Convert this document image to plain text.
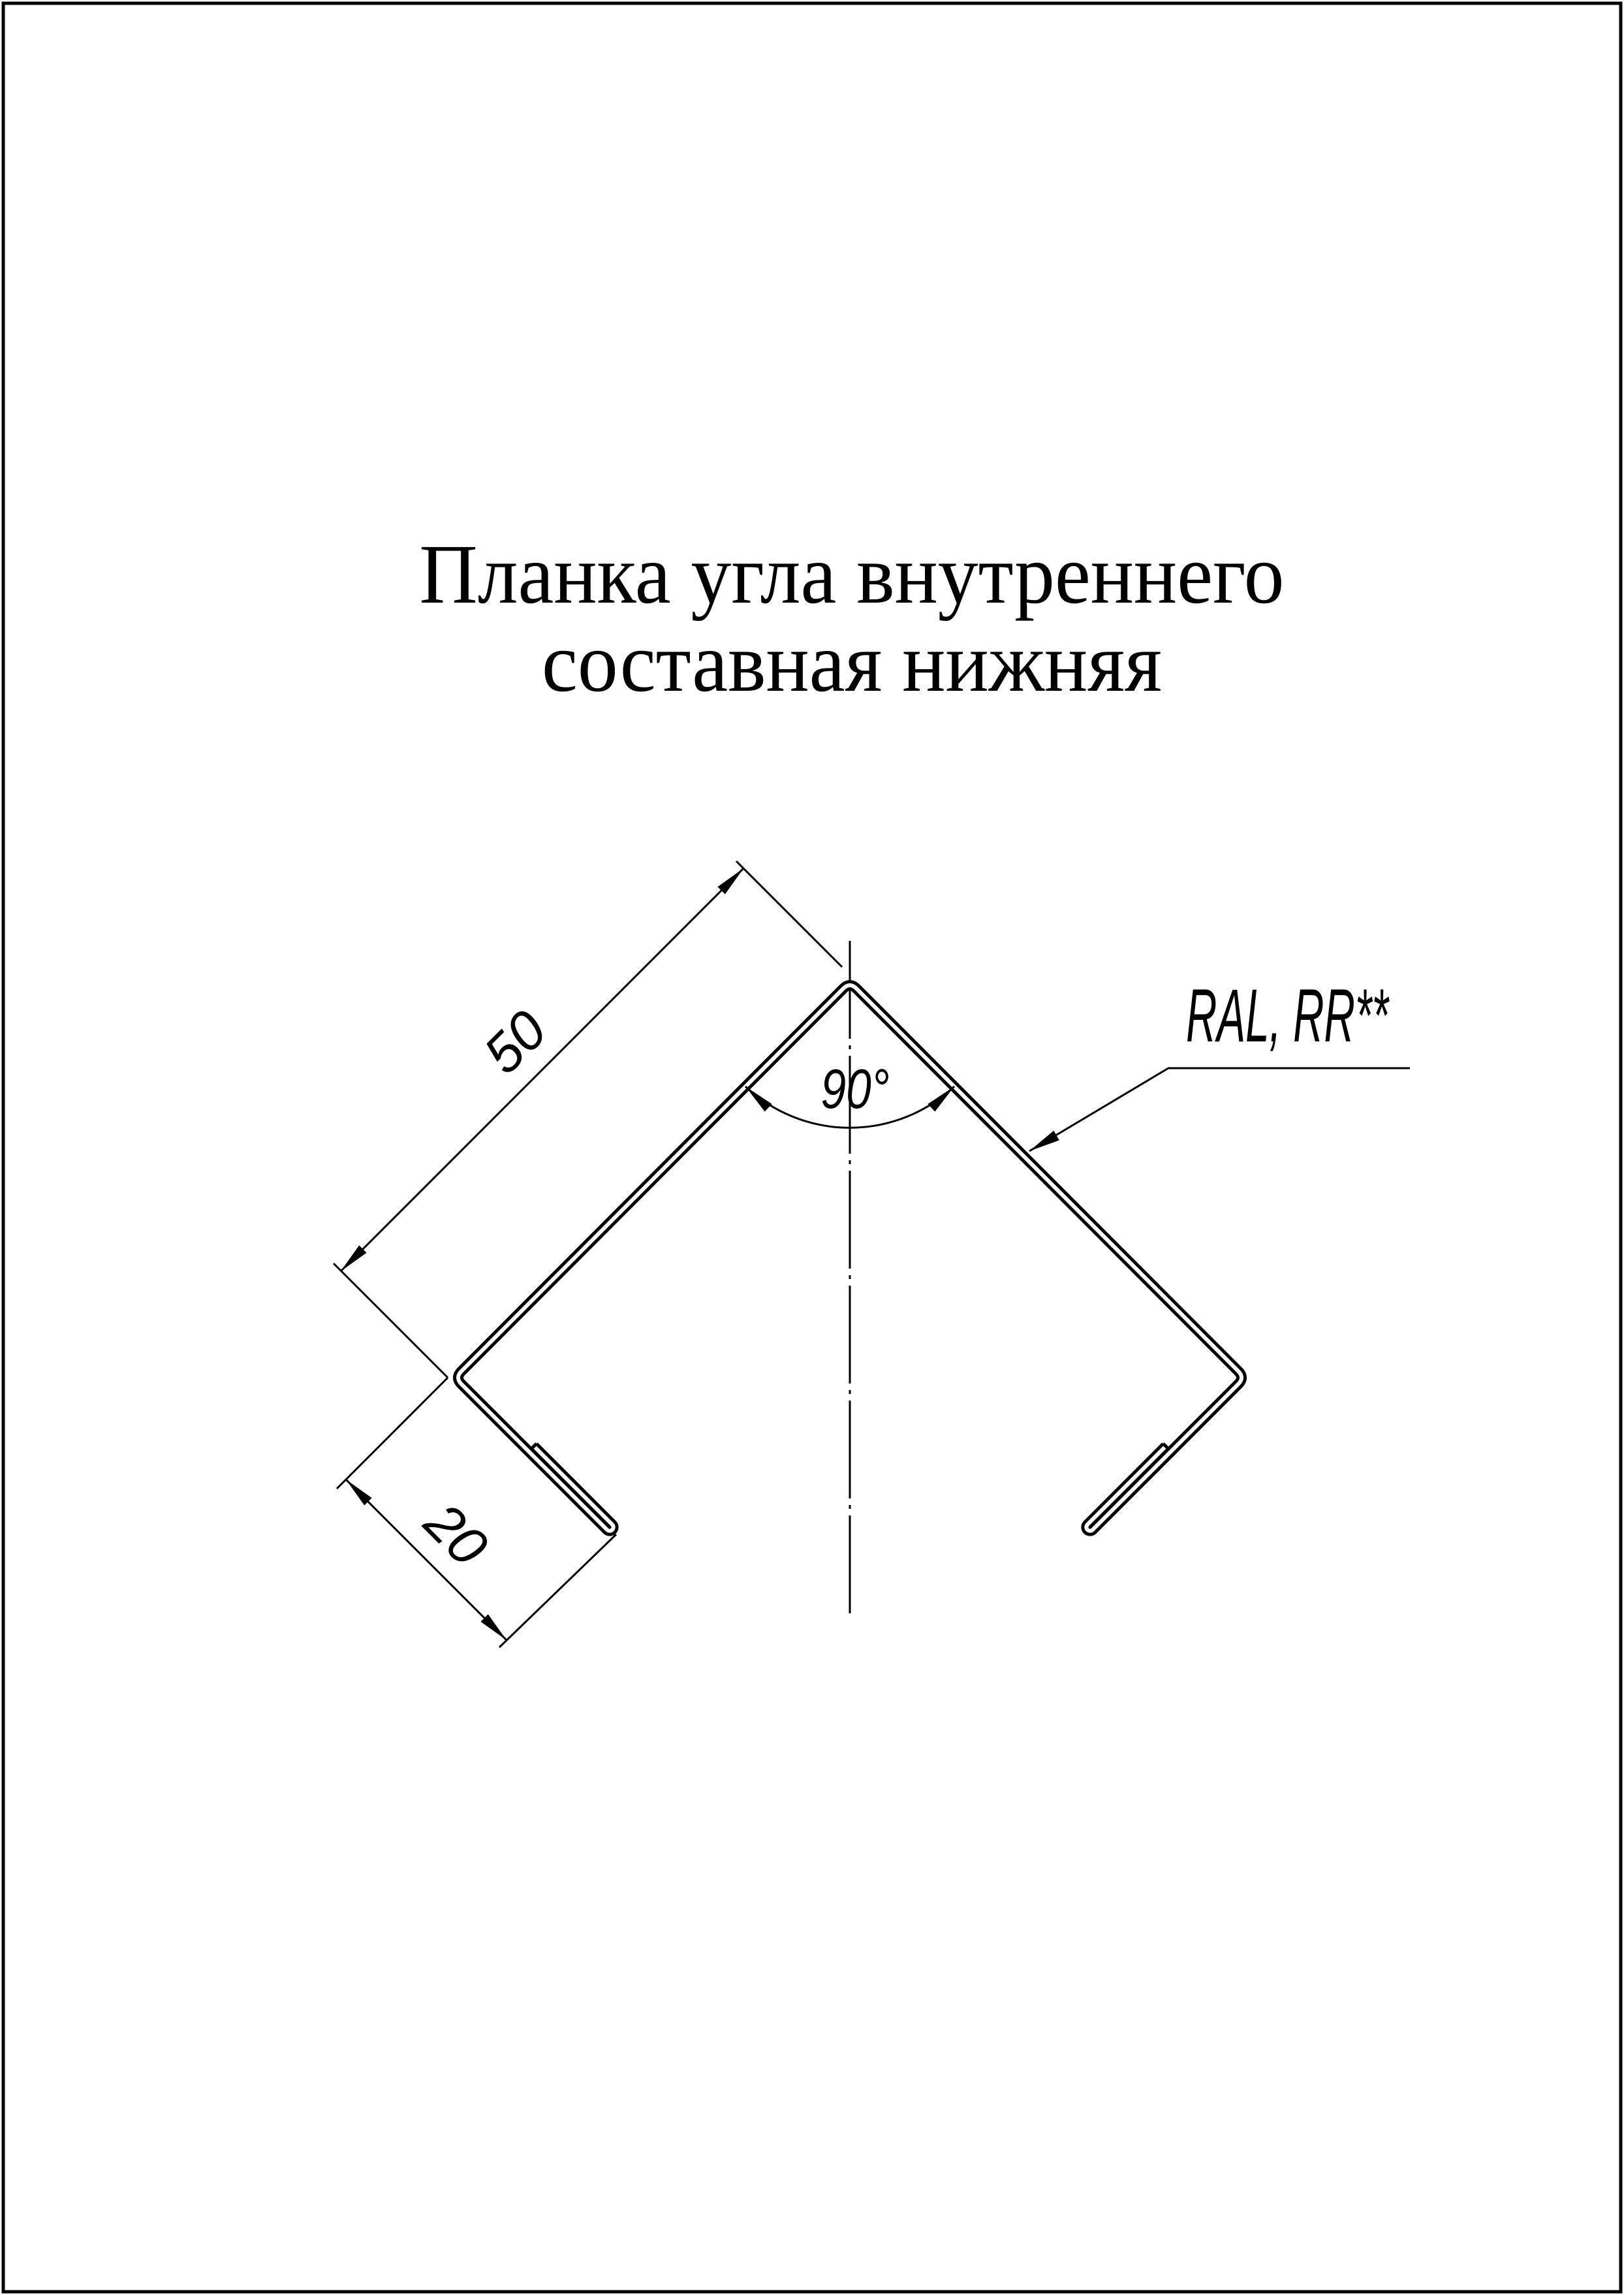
Планка угла внутреннего
составная нижняя
50
20
90°
RAL, RR**
